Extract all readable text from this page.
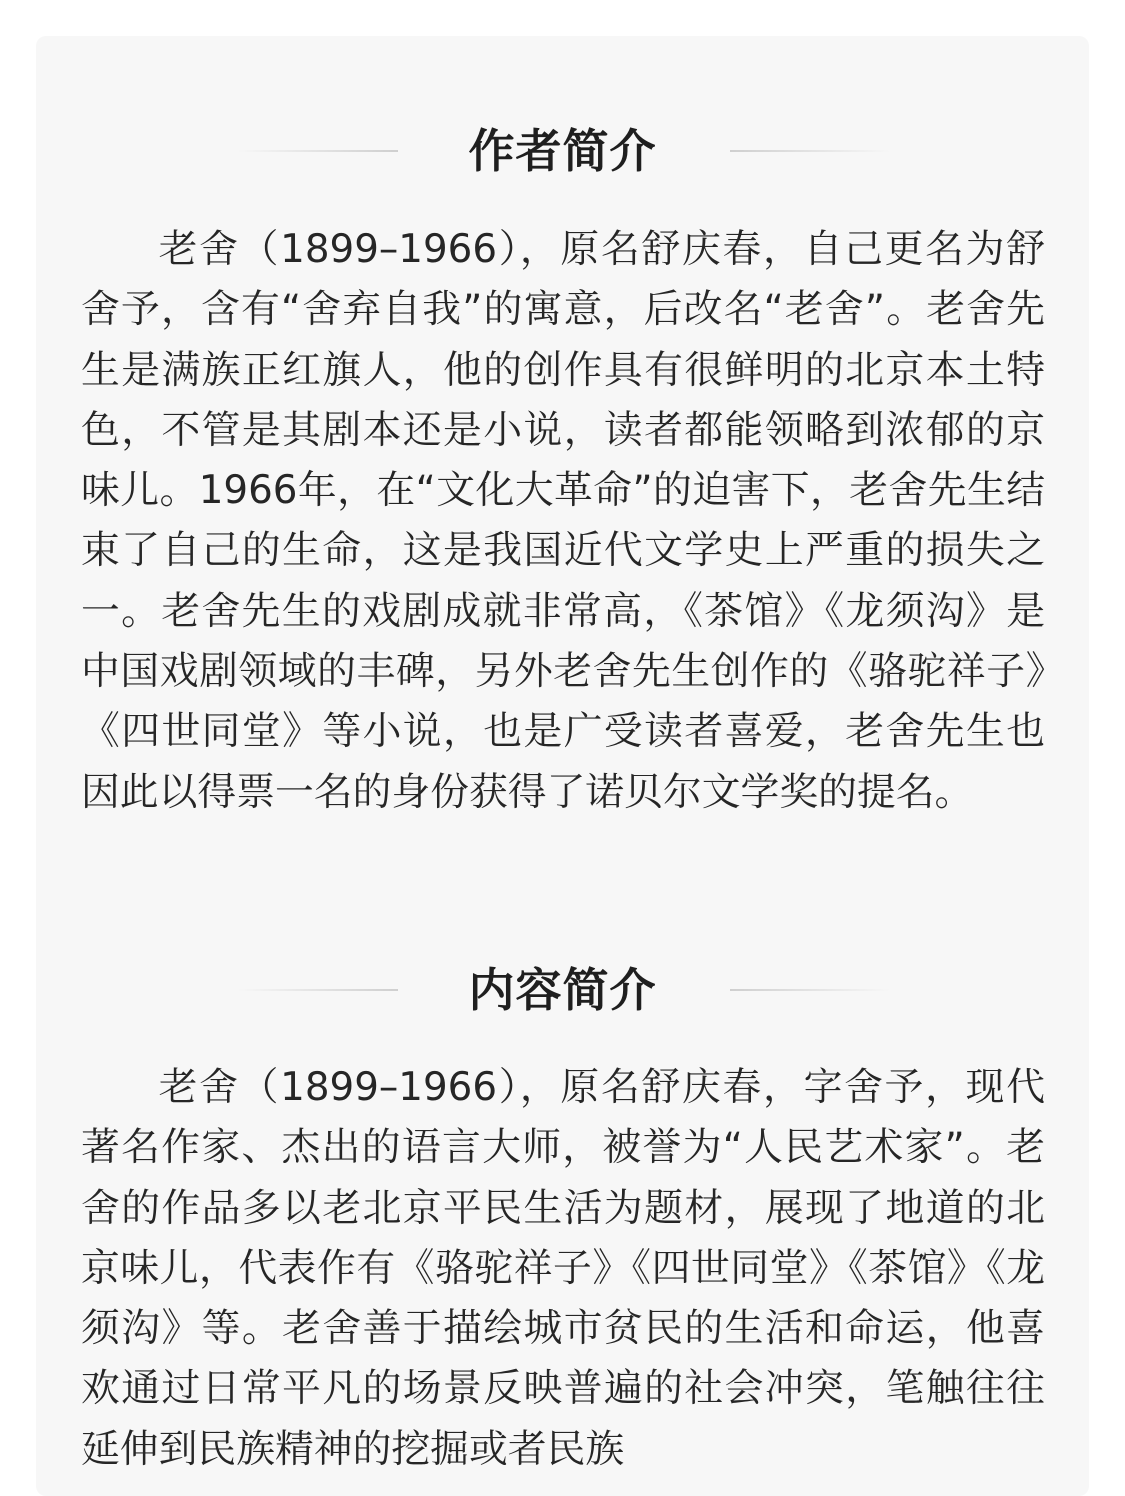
作者简介

老舍（1899–1966），原名舒庆春，自己更名为舒舍予，含有“舍弃自我”的寓意，后改名“老舍”。老舍先生是满族正红旗人，他的创作具有很鲜明的北京本土特色，不管是其剧本还是小说，读者都能领略到浓郁的京味儿。1966年，在“文化大革命”的迫害下，老舍先生结束了自己的生命，这是我国近代文学史上严重的损失之一。老舍先生的戏剧成就非常高，《茶馆》《龙须沟》是中国戏剧领域的丰碑，另外老舍先生创作的《骆驼祥子》《四世同堂》等小说，也是广受读者喜爱，老舍先生也因此以得票一名的身份获得了诺贝尔文学奖的提名。

内容简介

老舍（1899–1966），原名舒庆春，字舍予，现代著名作家、杰出的语言大师，被誉为“人民艺术家”。老舍的作品多以老北京平民生活为题材，展现了地道的北京味儿，代表作有《骆驼祥子》《四世同堂》《茶馆》《龙须沟》等。老舍善于描绘城市贫民的生活和命运，他喜欢通过日常平凡的场景反映普遍的社会冲突，笔触往往延伸到民族精神的挖掘或者民族
